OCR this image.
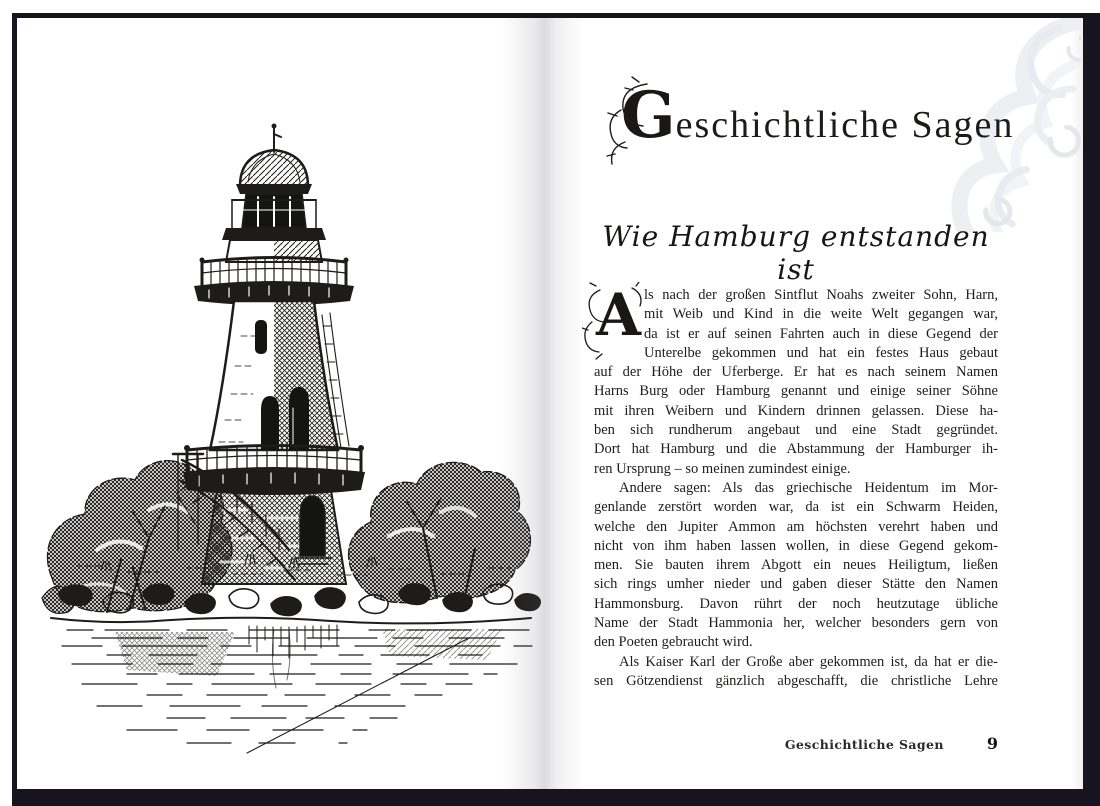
Geschichtliche Sagen
Wie Hamburg entstanden ist
A ls nach der großen Sintflut Noahs zweiter Sohn, Harn,
mit Weib und Kind in die weite Welt gegangen war,
da ist er auf seinen Fahrten auch in diese Gegend der
Unterelbe gekommen und hat ein festes Haus gebaut
auf der Höhe der Uferberge. Er hat es nach seinem Namen
Harns Burg oder Hamburg genannt und einige seiner Söhne
mit ihren Weibern und Kindern drinnen gelassen. Diese ha-
ben sich rundherum angebaut und eine Stadt gegründet.
Dort hat Hamburg und die Abstammung der Hamburger ih-
ren Ursprung – so meinen zumindest einige.
Andere sagen: Als das griechische Heidentum im Mor-
genlande zerstört worden war, da ist ein Schwarm Heiden,
welche den Jupiter Ammon am höchsten verehrt haben und
nicht von ihm haben lassen wollen, in diese Gegend gekom-
men. Sie bauten ihrem Abgott ein neues Heiligtum, ließen
sich rings umher nieder und gaben dieser Stätte den Namen
Hammonsburg. Davon rührt der noch heutzutage übliche
Name der Stadt Hammonia her, welcher besonders gern von
den Poeten gebraucht wird.
Als Kaiser Karl der Große aber gekommen ist, da hat er die-
sen Götzendienst gänzlich abgeschafft, die christliche Lehre
Geschichtliche Sagen	9
